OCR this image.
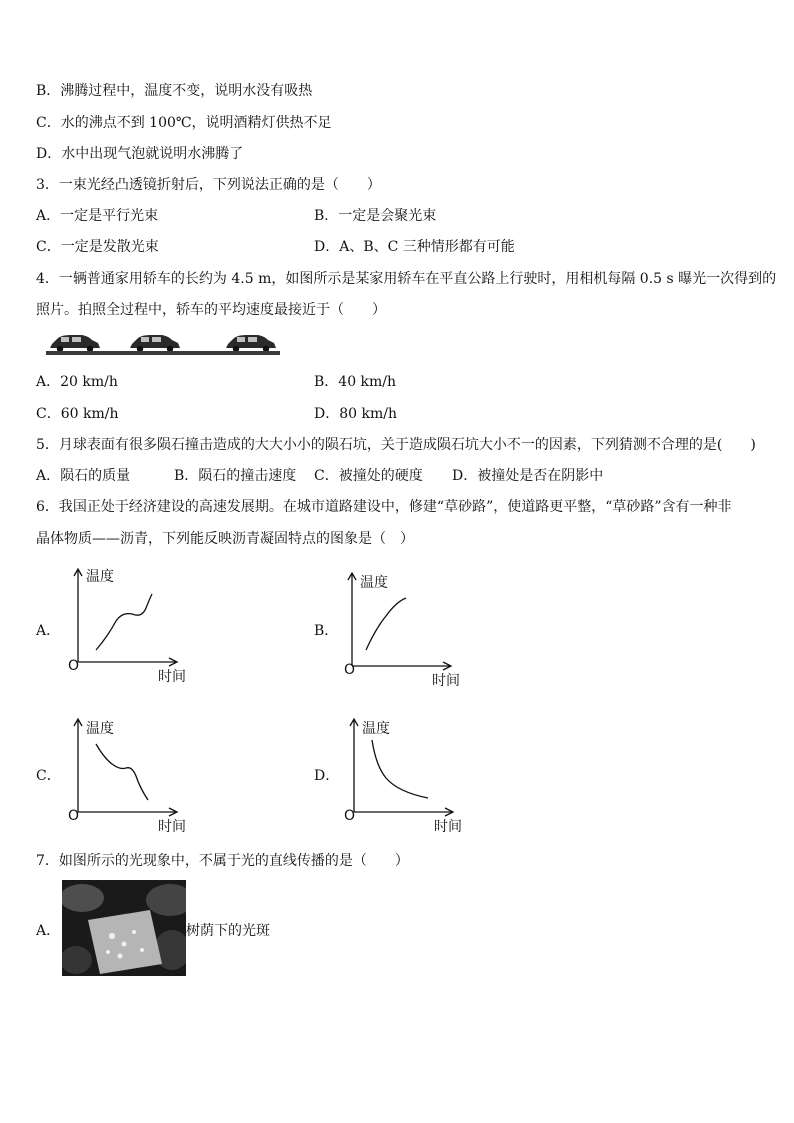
B．沸腾过程中，温度不变，说明水没有吸热
C．水的沸点不到 100℃，说明酒精灯供热不足
D．水中出现气泡就说明水沸腾了
3．一束光经凸透镜折射后，下列说法正确的是（　　）
A．一定是平行光束	B．一定是会聚光束
C．一定是发散光束	D．A、B、C 三种情形都有可能
4．一辆普通家用轿车的长约为 4.5 m，如图所示是某家用轿车在平直公路上行驶时，用相机每隔 0.5 s 曝光一次得到的
照片。拍照全过程中，轿车的平均速度最接近于（　　）
A．20 km/h	B．40 km/h
C．60 km/h	D．80 km/h
5．月球表面有很多陨石撞击造成的大大小小的陨石坑，关于造成陨石坑大小不一的因素，下列猜测不合理的是(　　)
A．陨石的质量	B．陨石的撞击速度 C．被撞处的硬度 D．被撞处是否在阴影中
6．我国正处于经济建设的高速发展期。在城市道路建设中，修建“草砂路”，使道路更平整，“草砂路”含有一种非
晶体物质——沥青，下列能反映沥青凝固特点的图象是（　）
A．
温度
O
时间
B．
温度
O
时间
C．
温度
O
时间
D．
温度
O
时间
7．如图所示的光现象中，不属于光的直线传播的是（　　）
A．	树荫下的光斑
